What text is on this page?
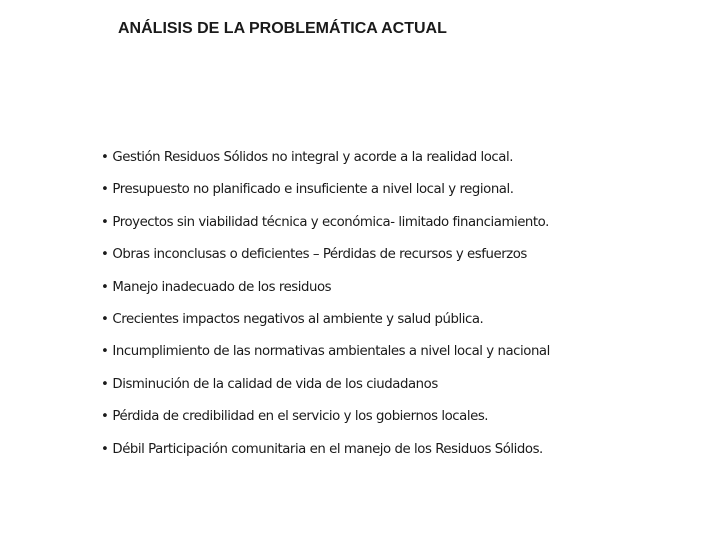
ANÁLISIS DE LA PROBLEMÁTICA ACTUAL
• Gestión Residuos Sólidos no integral y acorde a la realidad local.
• Presupuesto no planificado e insuficiente a nivel local y regional.
• Proyectos sin viabilidad técnica y económica- limitado financiamiento.
• Obras inconclusas o deficientes – Pérdidas de recursos y esfuerzos
• Manejo inadecuado de los residuos
• Crecientes impactos negativos al ambiente y salud pública.
• Incumplimiento de las normativas ambientales a nivel local y nacional
• Disminución de la calidad de vida de los ciudadanos
• Pérdida de credibilidad en el servicio y los gobiernos locales.
• Débil Participación comunitaria en el manejo de los Residuos Sólidos.
